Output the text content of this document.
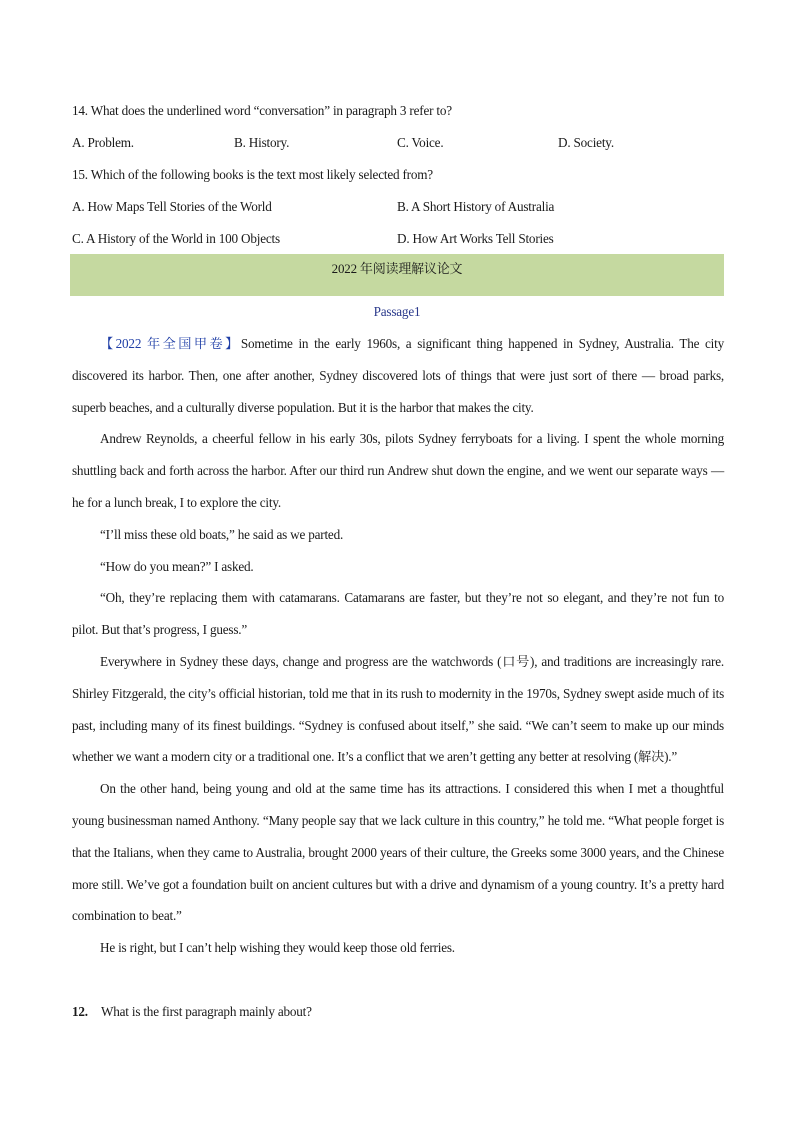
14. What does the underlined word “conversation” in paragraph 3 refer to?
A. Problem.	B. History.	C. Voice.	D. Society.
15. Which of the following books is the text most likely selected from?
A. How Maps Tell Stories of the World	B. A Short History of Australia
C. A History of the World in 100 Objects	D. How Art Works Tell Stories
2022 年阅读理解议论文
Passage1

【2022 年全国甲卷】Sometime in the early 1960s, a significant thing happened in Sydney, Australia. The city discovered its harbor. Then, one after another, Sydney discovered lots of things that were just sort of there — broad parks, superb beaches, and a culturally diverse population. But it is the harbor that makes the city.

Andrew Reynolds, a cheerful fellow in his early 30s, pilots Sydney ferryboats for a living. I spent the whole morning shuttling back and forth across the harbor. After our third run Andrew shut down the engine, and we went our separate ways — he for a lunch break, I to explore the city.

“I’ll miss these old boats,” he said as we parted.

“How do you mean?” I asked.

“Oh, they’re replacing them with catamarans. Catamarans are faster, but they’re not so elegant, and they’re not fun to pilot. But that’s progress, I guess.”

Everywhere in Sydney these days, change and progress are the watchwords (口号), and traditions are increasingly rare. Shirley Fitzgerald, the city’s official historian, told me that in its rush to modernity in the 1970s, Sydney swept aside much of its past, including many of its finest buildings. “Sydney is confused about itself,” she said. “We can’t seem to make up our minds whether we want a modern city or a traditional one. It’s a conflict that we aren’t getting any better at resolving (解决).”

On the other hand, being young and old at the same time has its attractions. I considered this when I met a thoughtful young businessman named Anthony. “Many people say that we lack culture in this country,” he told me. “What people forget is that the Italians, when they came to Australia, brought 2000 years of their culture, the Greeks some 3000 years, and the Chinese more still. We’ve got a foundation built on ancient cultures but with a drive and dynamism of a young country. It’s a pretty hard combination to beat.”

He is right, but I can’t help wishing they would keep those old ferries.

12. What is the first paragraph mainly about?
